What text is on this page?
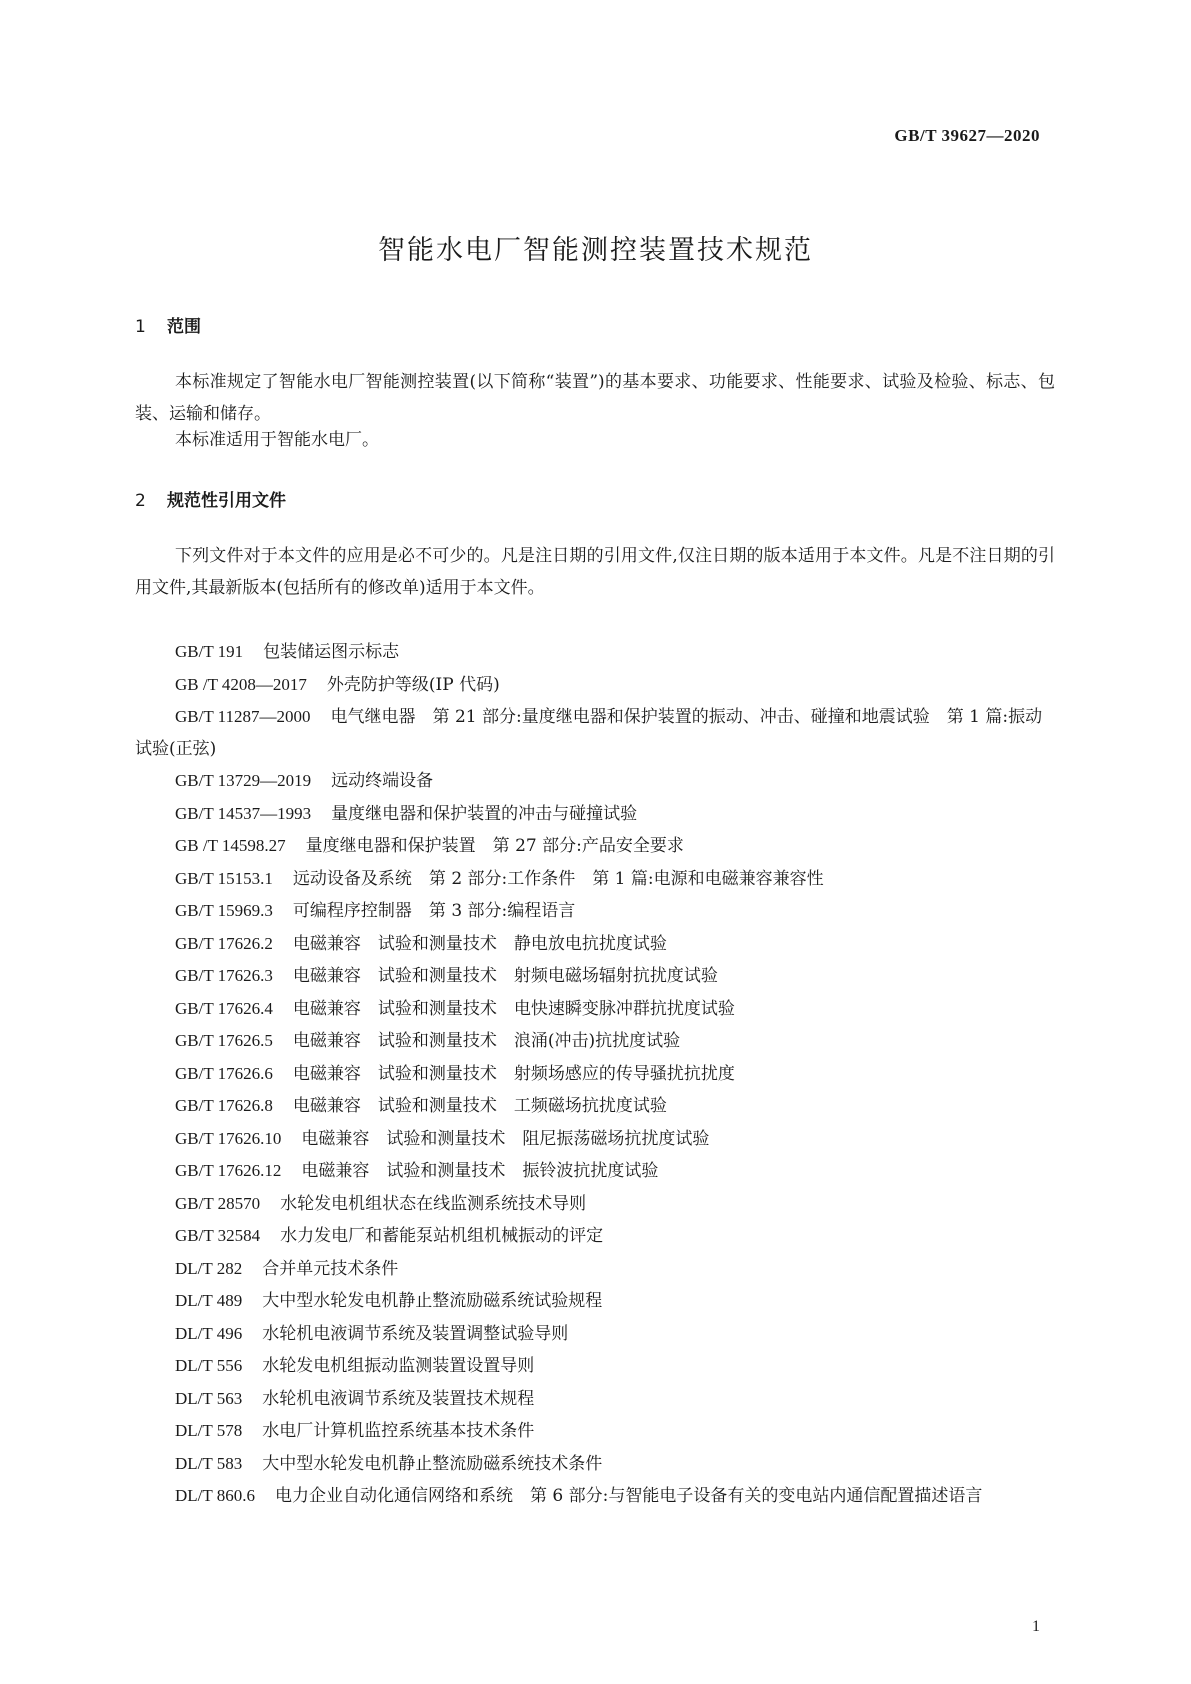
GB/T 39627—2020
智能水电厂智能测控装置技术规范
1 范围

本标准规定了智能水电厂智能测控装置(以下简称“装置”)的基本要求、功能要求、性能要求、试验及检验、标志、包装、运输和储存。

本标准适用于智能水电厂。

2 规范性引用文件

下列文件对于本文件的应用是必不可少的。凡是注日期的引用文件,仅注日期的版本适用于本文件。凡是不注日期的引用文件,其最新版本(包括所有的修改单)适用于本文件。

GB/T 191 包装储运图示标志
GB /T 4208—2017 外壳防护等级(IP 代码)
GB/T 11287—2000 电气继电器　第 21 部分:量度继电器和保护装置的振动、冲击、碰撞和地震试验　第 1 篇:振动试验(正弦)
GB/T 13729—2019 远动终端设备
GB/T 14537—1993 量度继电器和保护装置的冲击与碰撞试验
GB /T 14598.27 量度继电器和保护装置　第 27 部分:产品安全要求
GB/T 15153.1 远动设备及系统　第 2 部分:工作条件　第 1 篇:电源和电磁兼容兼容性
GB/T 15969.3 可编程序控制器　第 3 部分:编程语言
GB/T 17626.2 电磁兼容　试验和测量技术　静电放电抗扰度试验
GB/T 17626.3 电磁兼容　试验和测量技术　射频电磁场辐射抗扰度试验
GB/T 17626.4 电磁兼容　试验和测量技术　电快速瞬变脉冲群抗扰度试验
GB/T 17626.5 电磁兼容　试验和测量技术　浪涌(冲击)抗扰度试验
GB/T 17626.6 电磁兼容　试验和测量技术　射频场感应的传导骚扰抗扰度
GB/T 17626.8 电磁兼容　试验和测量技术　工频磁场抗扰度试验
GB/T 17626.10 电磁兼容　试验和测量技术　阻尼振荡磁场抗扰度试验
GB/T 17626.12 电磁兼容　试验和测量技术　振铃波抗扰度试验
GB/T 28570 水轮发电机组状态在线监测系统技术导则
GB/T 32584 水力发电厂和蓄能泵站机组机械振动的评定
DL/T 282 合并单元技术条件
DL/T 489 大中型水轮发电机静止整流励磁系统试验规程
DL/T 496 水轮机电液调节系统及装置调整试验导则
DL/T 556 水轮发电机组振动监测装置设置导则
DL/T 563 水轮机电液调节系统及装置技术规程
DL/T 578 水电厂计算机监控系统基本技术条件
DL/T 583 大中型水轮发电机静止整流励磁系统技术条件
DL/T 860.6 电力企业自动化通信网络和系统　第 6 部分:与智能电子设备有关的变电站内通信配置描述语言
1
